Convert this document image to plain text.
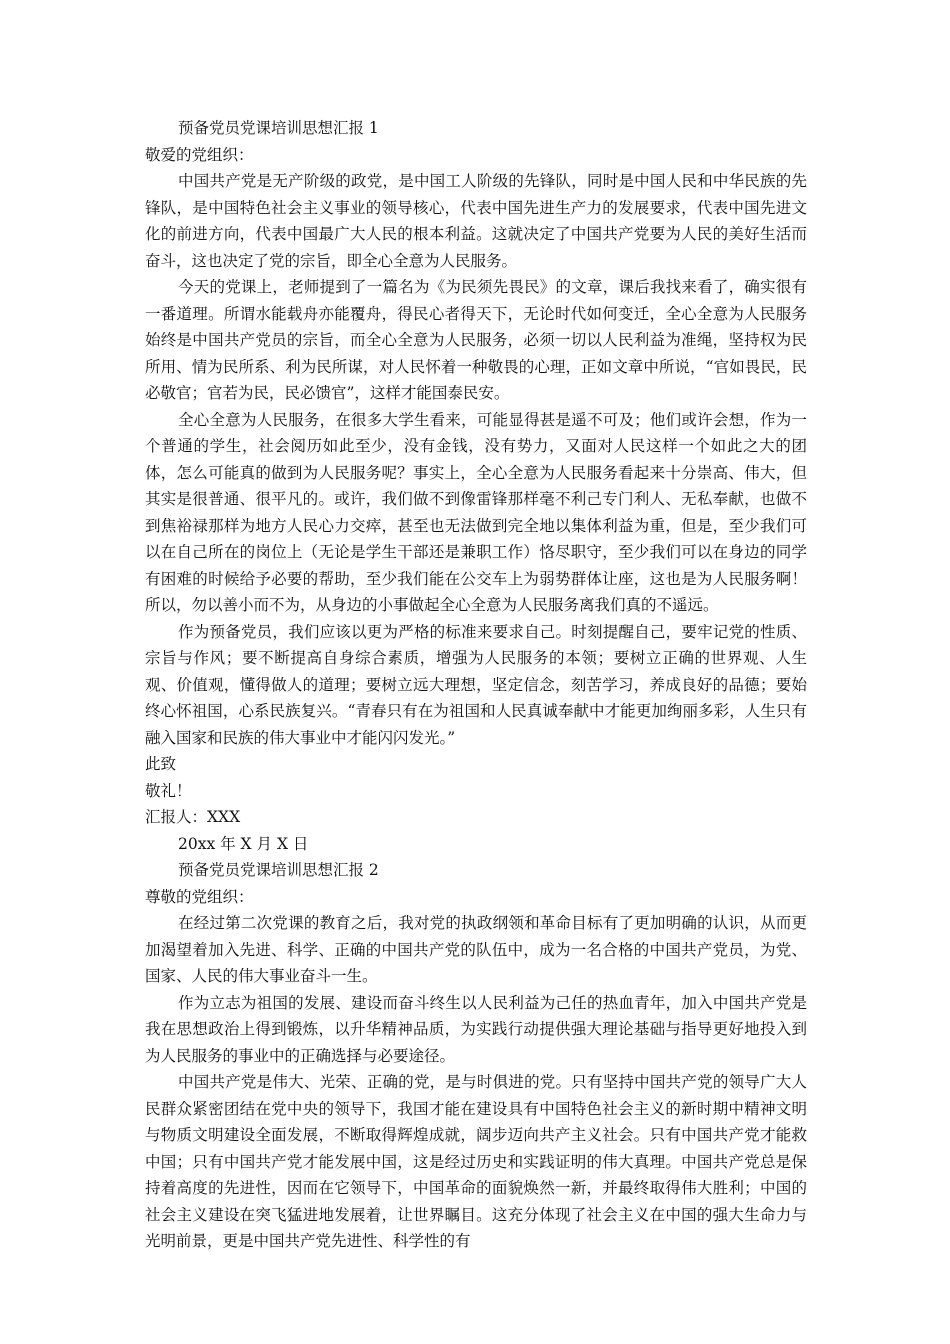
预备党员党课培训思想汇报 1
敬爱的党组织：

中国共产党是无产阶级的政党，是中国工人阶级的先锋队，同时是中国人民和中华民族的先锋队，是中国特色社会主义事业的领导核心，代表中国先进生产力的发展要求，代表中国先进文化的前进方向，代表中国最广大人民的根本利益。这就决定了中国共产党要为人民的美好生活而奋斗，这也决定了党的宗旨，即全心全意为人民服务。

今天的党课上，老师提到了一篇名为《为民须先畏民》的文章，课后我找来看了，确实很有一番道理。所谓水能载舟亦能覆舟，得民心者得天下，无论时代如何变迁，全心全意为人民服务始终是中国共产党员的宗旨，而全心全意为人民服务，必须一切以人民利益为准绳，坚持权为民所用、情为民所系、利为民所谋，对人民怀着一种敬畏的心理，正如文章中所说，“官如畏民，民必敬官；官若为民，民必馈官”，这样才能国泰民安。

全心全意为人民服务，在很多大学生看来，可能显得甚是遥不可及；他们或许会想，作为一个普通的学生，社会阅历如此至少，没有金钱，没有势力，又面对人民这样一个如此之大的团体，怎么可能真的做到为人民服务呢？事实上，全心全意为人民服务看起来十分崇高、伟大，但其实是很普通、很平凡的。或许，我们做不到像雷锋那样毫不利己专门利人、无私奉献，也做不到焦裕禄那样为地方人民心力交瘁，甚至也无法做到完全地以集体利益为重，但是，至少我们可以在自己所在的岗位上（无论是学生干部还是兼职工作）恪尽职守，至少我们可以在身边的同学有困难的时候给予必要的帮助，至少我们能在公交车上为弱势群体让座，这也是为人民服务啊！所以，勿以善小而不为，从身边的小事做起全心全意为人民服务离我们真的不遥远。

作为预备党员，我们应该以更为严格的标准来要求自己。时刻提醒自己，要牢记党的性质、宗旨与作风；要不断提高自身综合素质，增强为人民服务的本领；要树立正确的世界观、人生观、价值观，懂得做人的道理；要树立远大理想，坚定信念，刻苦学习，养成良好的品德；要始终心怀祖国，心系民族复兴。“青春只有在为祖国和人民真诚奉献中才能更加绚丽多彩，人生只有融入国家和民族的伟大事业中才能闪闪发光。”

此致
敬礼！
汇报人：XXX
20xx 年 X 月 X 日
预备党员党课培训思想汇报 2
尊敬的党组织：

在经过第二次党课的教育之后，我对党的执政纲领和革命目标有了更加明确的认识，从而更加渴望着加入先进、科学、正确的中国共产党的队伍中，成为一名合格的中国共产党员，为党、国家、人民的伟大事业奋斗一生。

作为立志为祖国的发展、建设而奋斗终生以人民利益为己任的热血青年，加入中国共产党是我在思想政治上得到锻炼，以升华精神品质，为实践行动提供强大理论基础与指导更好地投入到为人民服务的事业中的正确选择与必要途径。

中国共产党是伟大、光荣、正确的党，是与时俱进的党。只有坚持中国共产党的领导广大人民群众紧密团结在党中央的领导下，我国才能在建设具有中国特色社会主义的新时期中精神文明与物质文明建设全面发展，不断取得辉煌成就，阔步迈向共产主义社会。只有中国共产党才能救中国；只有中国共产党才能发展中国，这是经过历史和实践证明的伟大真理。中国共产党总是保持着高度的先进性，因而在它领导下，中国革命的面貌焕然一新，并最终取得伟大胜利；中国的社会主义建设在突飞猛进地发展着，让世界瞩目。这充分体现了社会主义在中国的强大生命力与光明前景，更是中国共产党先进性、科学性的有
